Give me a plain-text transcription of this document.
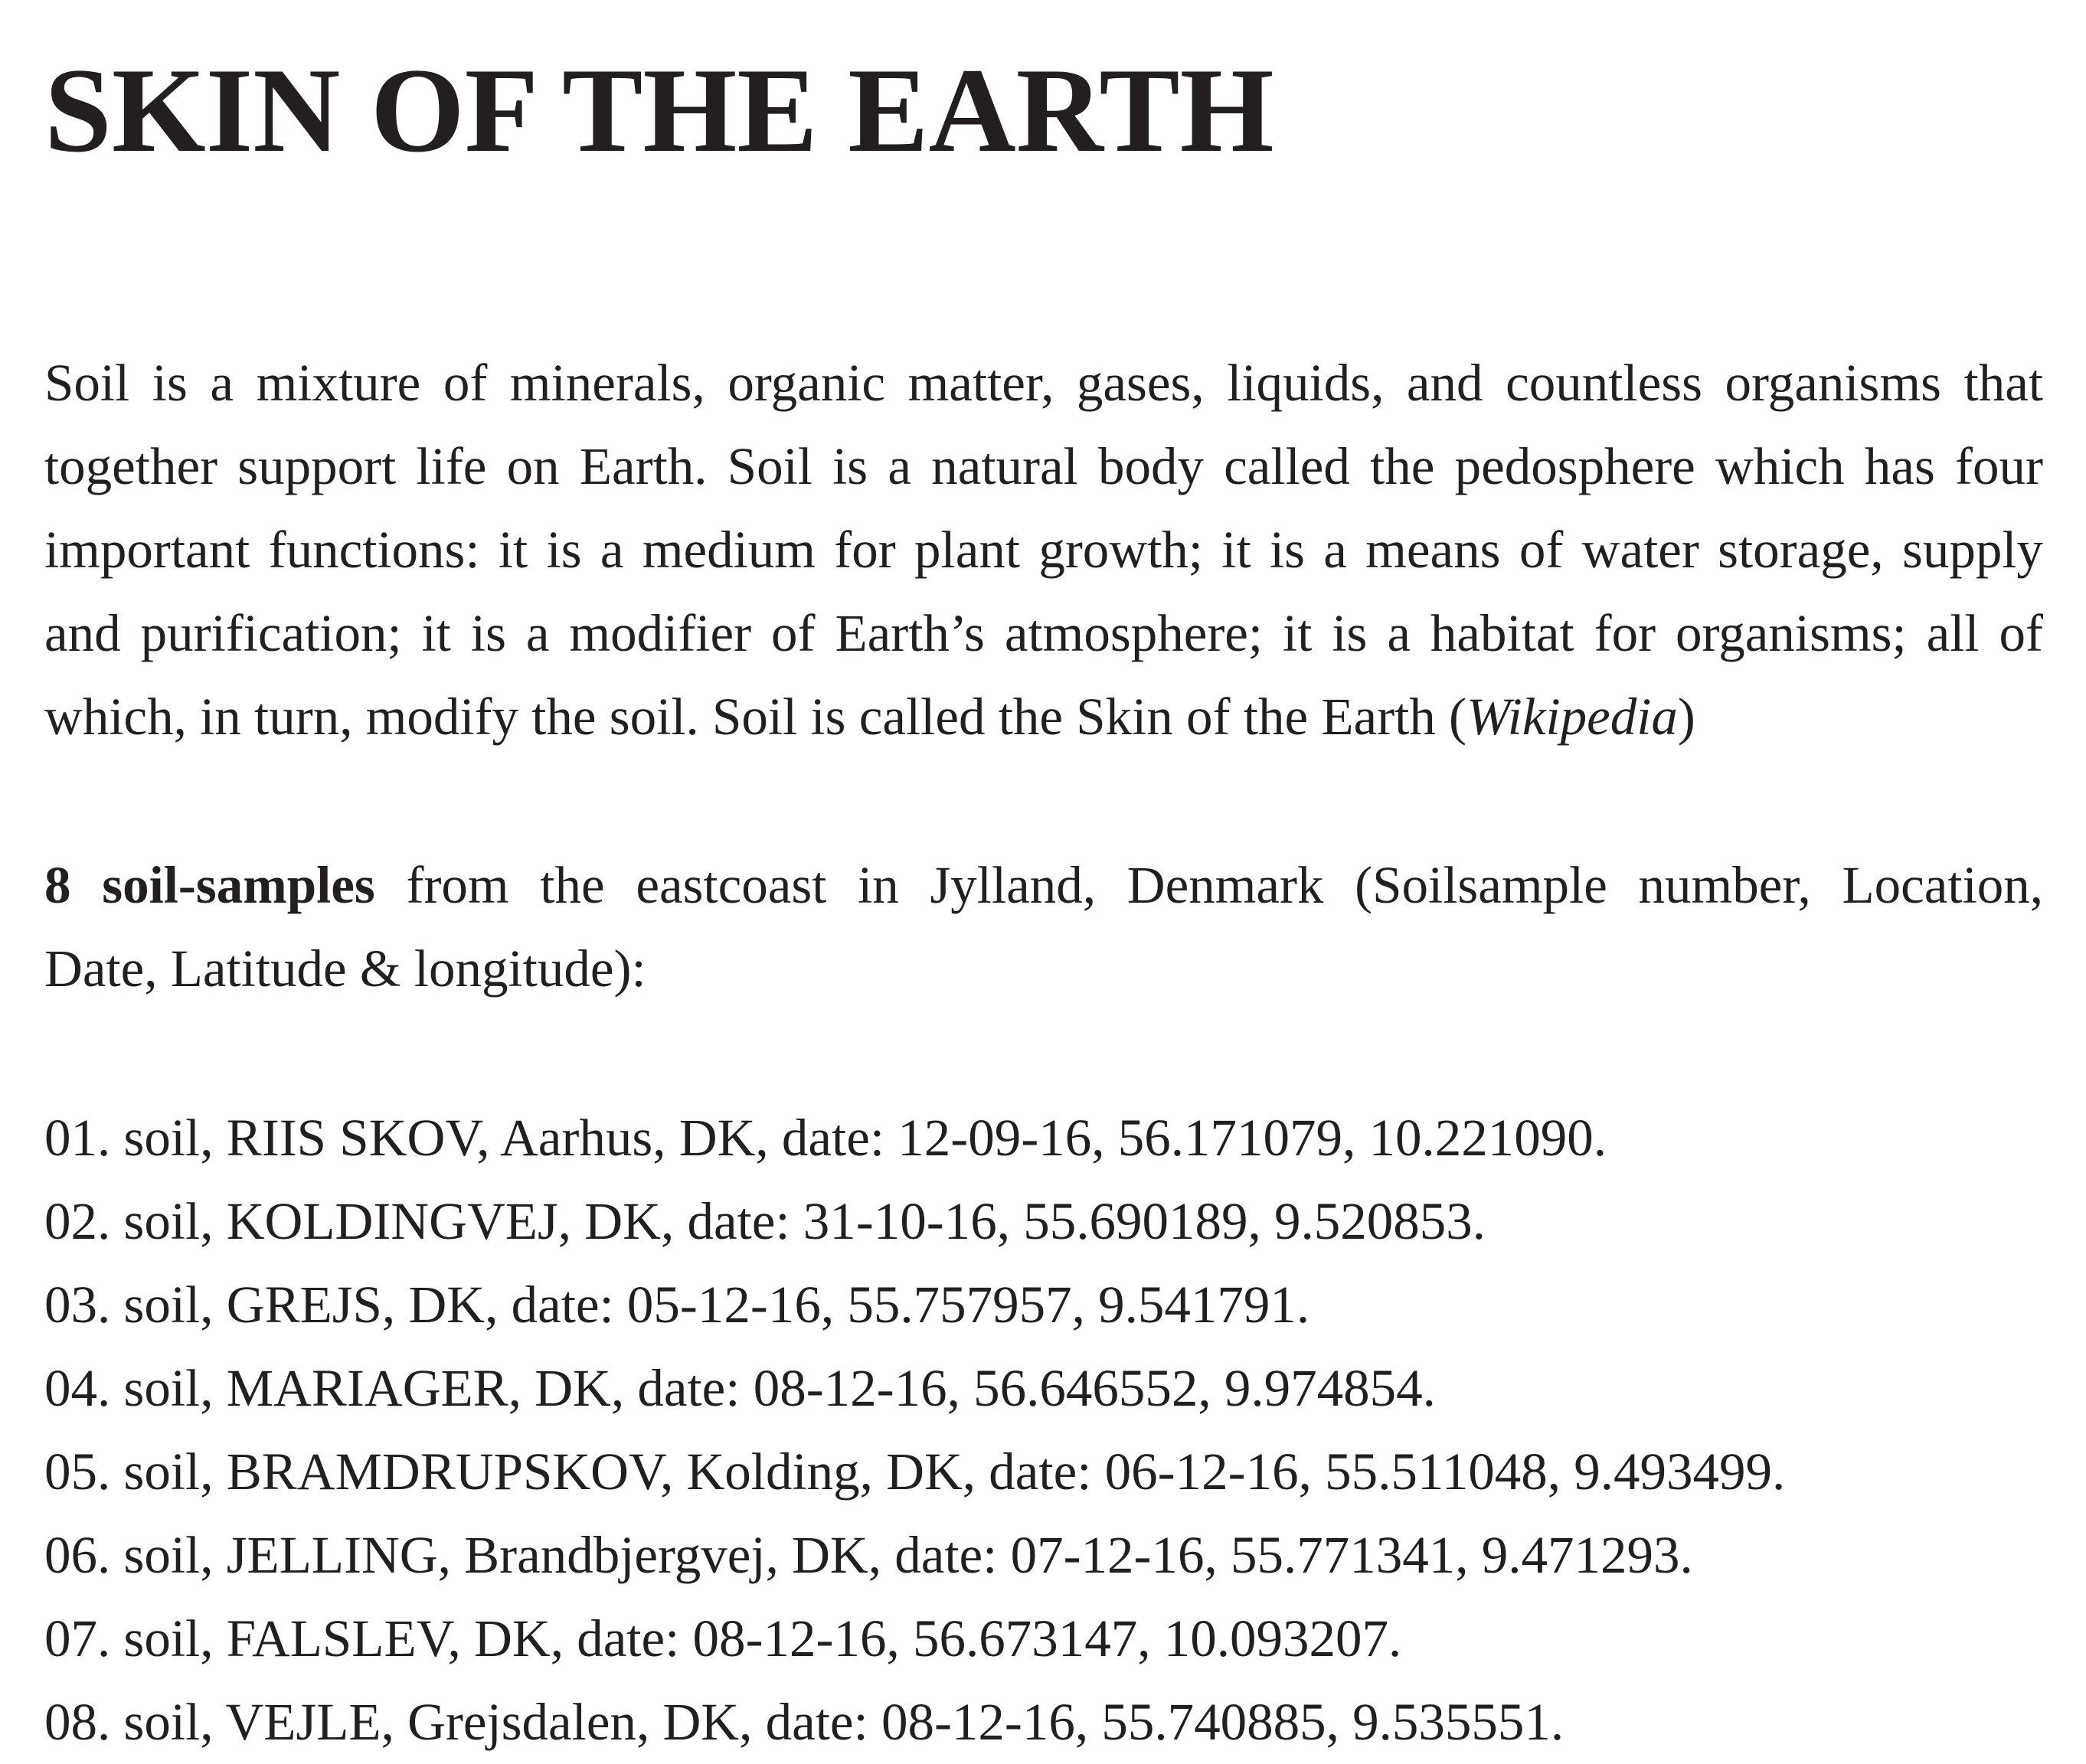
SKIN OF THE EARTH

Soil is a mixture of minerals, organic matter, gases, liquids, and countless organisms that
together support life on Earth. Soil is a natural body called the pedosphere which has four
important functions: it is a medium for plant growth; it is a means of water storage, supply
and purification; it is a modifier of Earth’s atmosphere; it is a habitat for organisms; all of
which, in turn, modify the soil. Soil is called the Skin of the Earth (Wikipedia)

8 soil-samples from the eastcoast in Jylland, Denmark (Soilsample number, Location,
Date, Latitude & longitude):

01. soil, RIIS SKOV, Aarhus, DK, date: 12-09-16, 56.171079, 10.221090.
02. soil, KOLDINGVEJ, DK, date: 31-10-16, 55.690189, 9.520853.
03. soil, GREJS, DK, date: 05-12-16, 55.757957, 9.541791.
04. soil, MARIAGER, DK, date: 08-12-16, 56.646552, 9.974854.
05. soil, BRAMDRUPSKOV, Kolding, DK, date: 06-12-16, 55.511048, 9.493499.
06. soil, JELLING, Brandbjergvej, DK, date: 07-12-16, 55.771341, 9.471293.
07. soil, FALSLEV, DK, date: 08-12-16, 56.673147, 10.093207.
08. soil, VEJLE, Grejsdalen, DK, date: 08-12-16, 55.740885, 9.535551.
